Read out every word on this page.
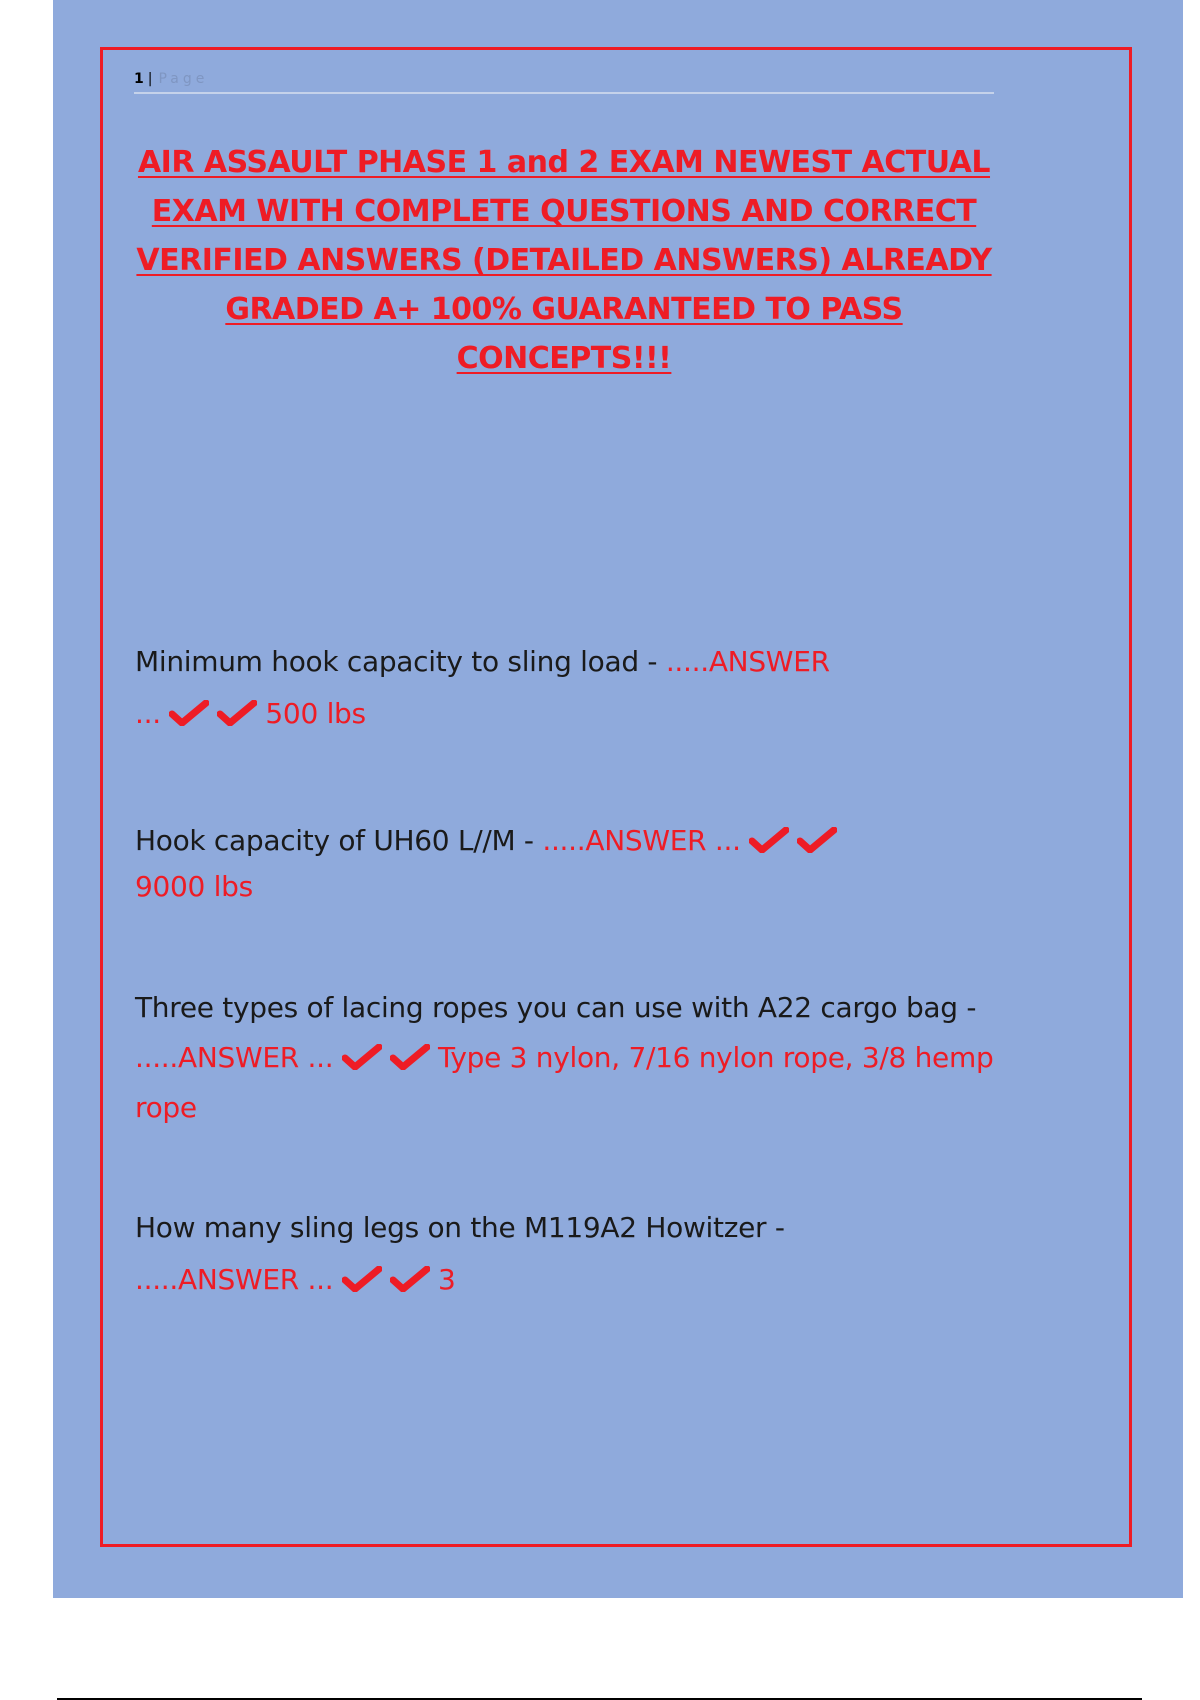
1 | Page
AIR ASSAULT PHASE 1 and 2 EXAM NEWEST ACTUAL EXAM WITH COMPLETE QUESTIONS AND CORRECT VERIFIED ANSWERS (DETAILED ANSWERS) ALREADY GRADED A+ 100% GUARANTEED TO PASS CONCEPTS!!!

Minimum hook capacity to sling load - .....ANSWER
...	500 lbs

Hook capacity of UH60 L//M - .....ANSWER ...

9000 lbs

Three types of lacing ropes you can use with A22 cargo bag - .....ANSWER ...	Type 3 nylon, 7/16 nylon rope, 3/8 hemp rope

How many sling legs on the M119A2 Howitzer -
.....ANSWER ...	3
